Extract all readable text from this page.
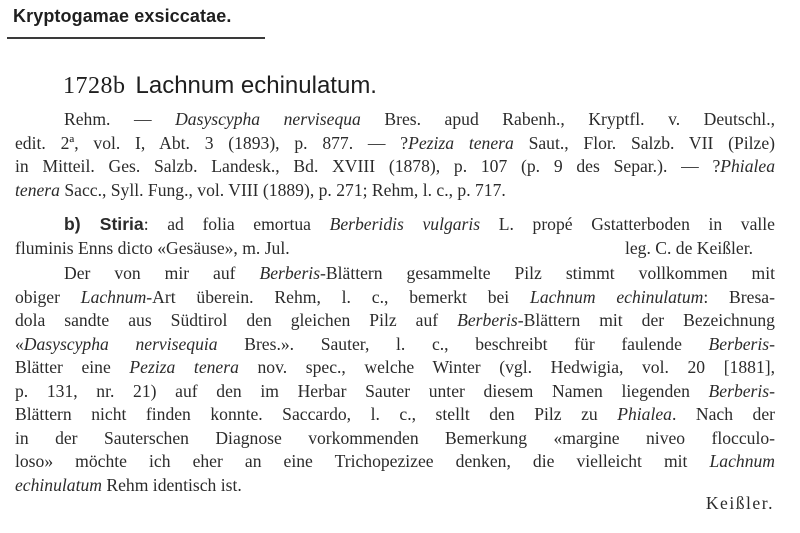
Kryptogamae exsiccatae.
1728b Lachnum echinulatum.
Rehm. — Dasyscypha nervisequa Bres. apud Rabenh., Kryptfl. v. Deutschl.,
edit. 2ª, vol. I, Abt. 3 (1893), p. 877. — ?Peziza tenera Saut., Flor. Salzb. VII (Pilze)
in Mitteil. Ges. Salzb. Landesk., Bd. XVIII (1878), p. 107 (p. 9 des Separ.). — ?Phialea
tenera Sacc., Syll. Fung., vol. VIII (1889), p. 271; Rehm, l. c., p. 717.
b) Stiria: ad folia emortua Berberidis vulgaris L. propé Gstatterboden in valle
fluminis Enns dicto «Gesäuse», m. Jul.	leg. C. de Keißler.
Der von mir auf Berberis-Blättern gesammelte Pilz stimmt vollkommen mit
obiger Lachnum-Art überein. Rehm, l. c., bemerkt bei Lachnum echinulatum: Bresa-
dola sandte aus Südtirol den gleichen Pilz auf Berberis-Blättern mit der Bezeichnung
«Dasyscypha nervisequia Bres.». Sauter, l. c., beschreibt für faulende Berberis-
Blätter eine Peziza tenera nov. spec., welche Winter (vgl. Hedwigia, vol. 20 [1881],
p. 131, nr. 21) auf den im Herbar Sauter unter diesem Namen liegenden Berberis-
Blättern nicht finden konnte. Saccardo, l. c., stellt den Pilz zu Phialea. Nach der
in der Sauterschen Diagnose vorkommenden Bemerkung «margine niveo flocculo-
loso» möchte ich eher an eine Trichopezizee denken, die vielleicht mit Lachnum
echinulatum Rehm identisch ist.
Keißler.
